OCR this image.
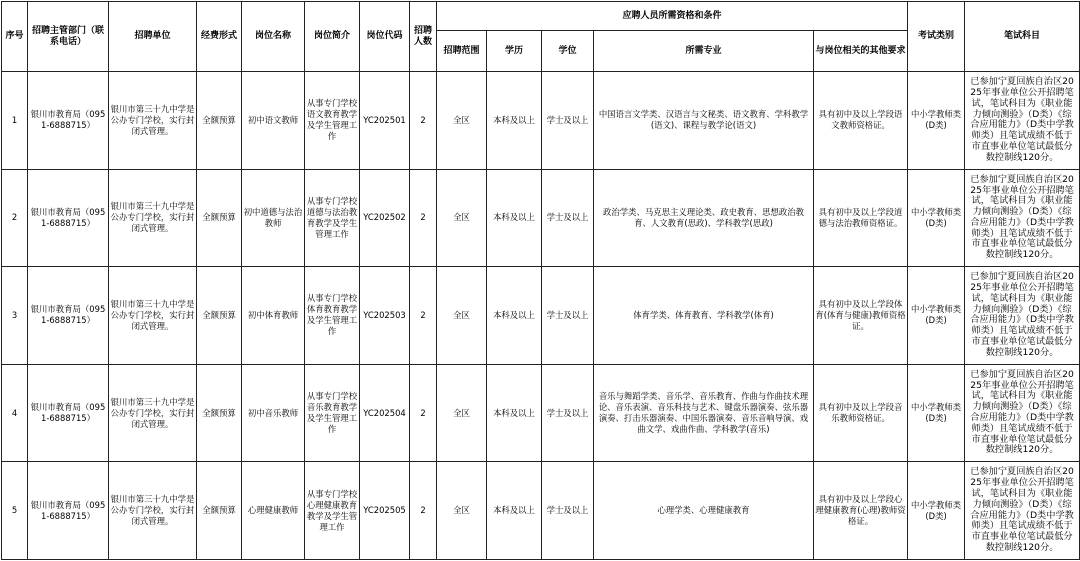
序号	招聘主管部门（联系电话）	招聘单位	经费形式	岗位名称	岗位简介	岗位代码	招聘人数	应聘人员所需资格和条件					考试类别	笔试科目
								招聘范围	学历	学位	所需专业	与岗位相关的其他要求		
1	银川市教育局（0951-6888715）	银川市第三十九中学是公办专门学校，实行封闭式管理。	全额预算	初中语文教师	从事专门学校语文教育教学及学生管理工作	YC202501	2	全区	本科及以上	学士及以上	中国语言文学类、汉语言与文秘类、语文教育、学科教学(语文)、课程与教学论(语文)	具有初中及以上学段语文教师资格证。	中小学教师类(D类)	已参加宁夏回族自治区2025年事业单位公开招聘笔试，笔试科目为《职业能力倾向测验》（D类）《综合应用能力》（D类中学教师类）且笔试成绩不低于市直事业单位笔试最低分数控制线120分。
2	银川市教育局（0951-6888715）	银川市第三十九中学是公办专门学校，实行封闭式管理。	全额预算	初中道德与法治教师	从事专门学校道德与法治教育教学及学生管理工作	YC202502	2	全区	本科及以上	学士及以上	政治学类、马克思主义理论类、政史教育、思想政治教育、人文教育(思政)、学科教学(思政)	具有初中及以上学段道德与法治教师资格证。	中小学教师类(D类)	已参加宁夏回族自治区2025年事业单位公开招聘笔试，笔试科目为《职业能力倾向测验》（D类）《综合应用能力》（D类中学教师类）且笔试成绩不低于市直事业单位笔试最低分数控制线120分。
3	银川市教育局（0951-6888715）	银川市第三十九中学是公办专门学校，实行封闭式管理。	全额预算	初中体育教师	从事专门学校体育教育教学及学生管理工作	YC202503	2	全区	本科及以上	学士及以上	体育学类、体育教育、学科教学(体育)	具有初中及以上学段体育(体育与健康)教师资格证。	中小学教师类(D类)	已参加宁夏回族自治区2025年事业单位公开招聘笔试，笔试科目为《职业能力倾向测验》（D类）《综合应用能力》（D类中学教师类）且笔试成绩不低于市直事业单位笔试最低分数控制线120分。
4	银川市教育局（0951-6888715）	银川市第三十九中学是公办专门学校，实行封闭式管理。	全额预算	初中音乐教师	从事专门学校音乐教育教学及学生管理工作	YC202504	2	全区	本科及以上	学士及以上	音乐与舞蹈学类、音乐学、音乐教育、作曲与作曲技术理论、音乐表演、音乐科技与艺术、键盘乐器演奏、弦乐器演奏、打击乐器演奏、中国乐器演奏、音乐音响导演、戏曲文学、戏曲作曲、学科教学(音乐)	具有初中及以上学段音乐教师资格证。	中小学教师类(D类)	已参加宁夏回族自治区2025年事业单位公开招聘笔试，笔试科目为《职业能力倾向测验》（D类）《综合应用能力》（D类中学教师类）且笔试成绩不低于市直事业单位笔试最低分数控制线120分。
5	银川市教育局（0951-6888715）	银川市第三十九中学是公办专门学校，实行封闭式管理。	全额预算	心理健康教师	从事专门学校心理健康教育教学及学生管理工作	YC202505	2	全区	本科及以上	学士及以上	心理学类、心理健康教育	具有初中及以上学段心理健康教育(心理)教师资格证。	中小学教师类(D类)	已参加宁夏回族自治区2025年事业单位公开招聘笔试，笔试科目为《职业能力倾向测验》（D类）《综合应用能力》（D类中学教师类）且笔试成绩不低于市直事业单位笔试最低分数控制线120分。
